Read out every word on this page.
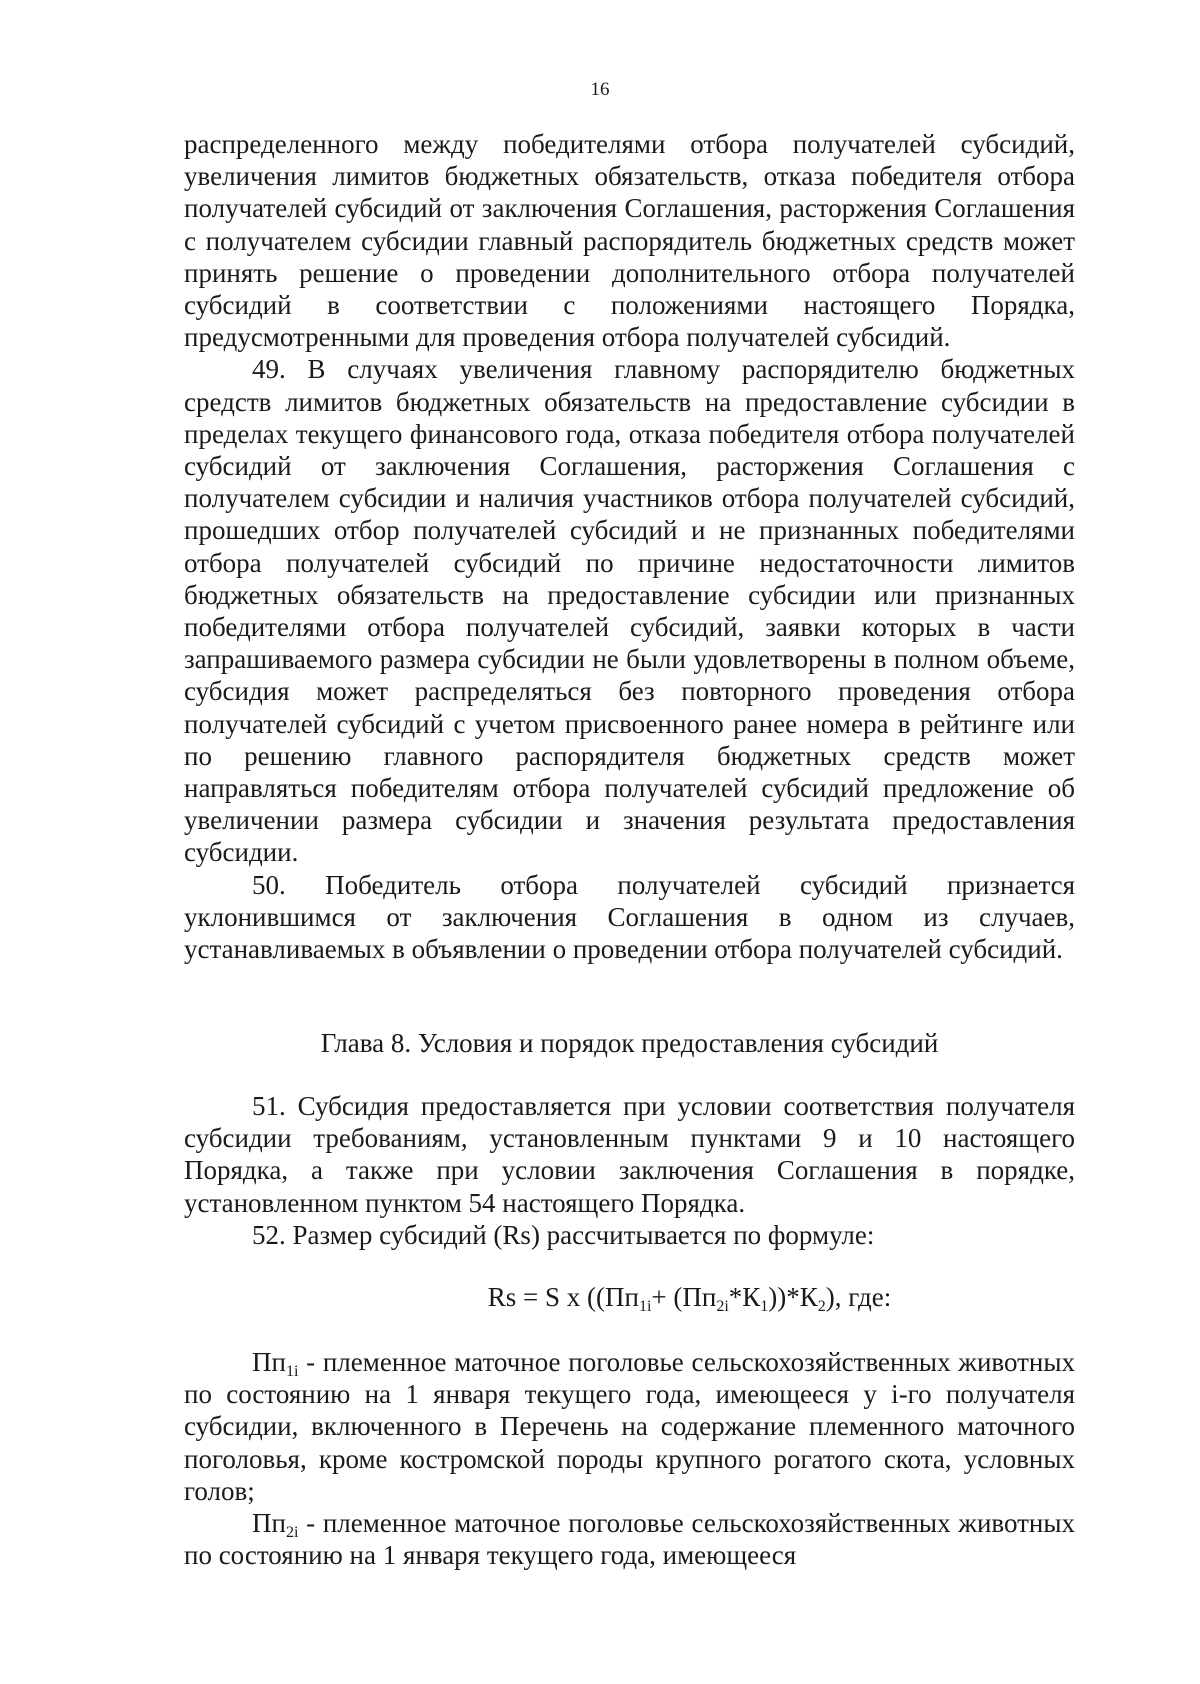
16

распределенного между победителями отбора получателей субсидий, увеличения лимитов бюджетных обязательств, отказа победителя отбора получателей субсидий от заключения Соглашения, расторжения Соглашения с получателем субсидии главный распорядитель бюджетных средств может принять решение о проведении дополнительного отбора получателей субсидий в соответствии с положениями настоящего Порядка, предусмотренными для проведения отбора получателей субсидий.

49. В случаях увеличения главному распорядителю бюджетных средств лимитов бюджетных обязательств на предоставление субсидии в пределах текущего финансового года, отказа победителя отбора получателей субсидий от заключения Соглашения, расторжения Соглашения с получателем субсидии и наличия участников отбора получателей субсидий, прошедших отбор получателей субсидий и не признанных победителями отбора получателей субсидий по причине недостаточности лимитов бюджетных обязательств на предоставление субсидии или признанных победителями отбора получателей субсидий, заявки которых в части запрашиваемого размера субсидии не были удовлетворены в полном объеме, субсидия может распределяться без повторного проведения отбора получателей субсидий с учетом присвоенного ранее номера в рейтинге или по решению главного распорядителя бюджетных средств может направляться победителям отбора получателей субсидий предложение об увеличении размера субсидии и значения результата предоставления субсидии.

50. Победитель отбора получателей субсидий признается уклонившимся от заключения Соглашения в одном из случаев, устанавливаемых в объявлении о проведении отбора получателей субсидий.

Глава 8. Условия и порядок предоставления субсидий

51. Субсидия предоставляется при условии соответствия получателя субсидии требованиям, установленным пунктами 9 и 10 настоящего Порядка, а также при условии заключения Соглашения в порядке, установленном пунктом 54 настоящего Порядка.

52. Размер субсидий (Rs) рассчитывается по формуле:

Rs = S x $((Пп_{1i}+ (Пп_{2i}*К_1))*К_2)$, где:

$Пп_{1i}$ - племенное маточное поголовье сельскохозяйственных животных по состоянию на 1 января текущего года, имеющееся у i-го получателя субсидии, включенного в Перечень на содержание племенного маточного поголовья, кроме костромской породы крупного рогатого скота, условных голов;

$Пп_{2i}$ - племенное маточное поголовье сельскохозяйственных животных по состоянию на 1 января текущего года, имеющееся
